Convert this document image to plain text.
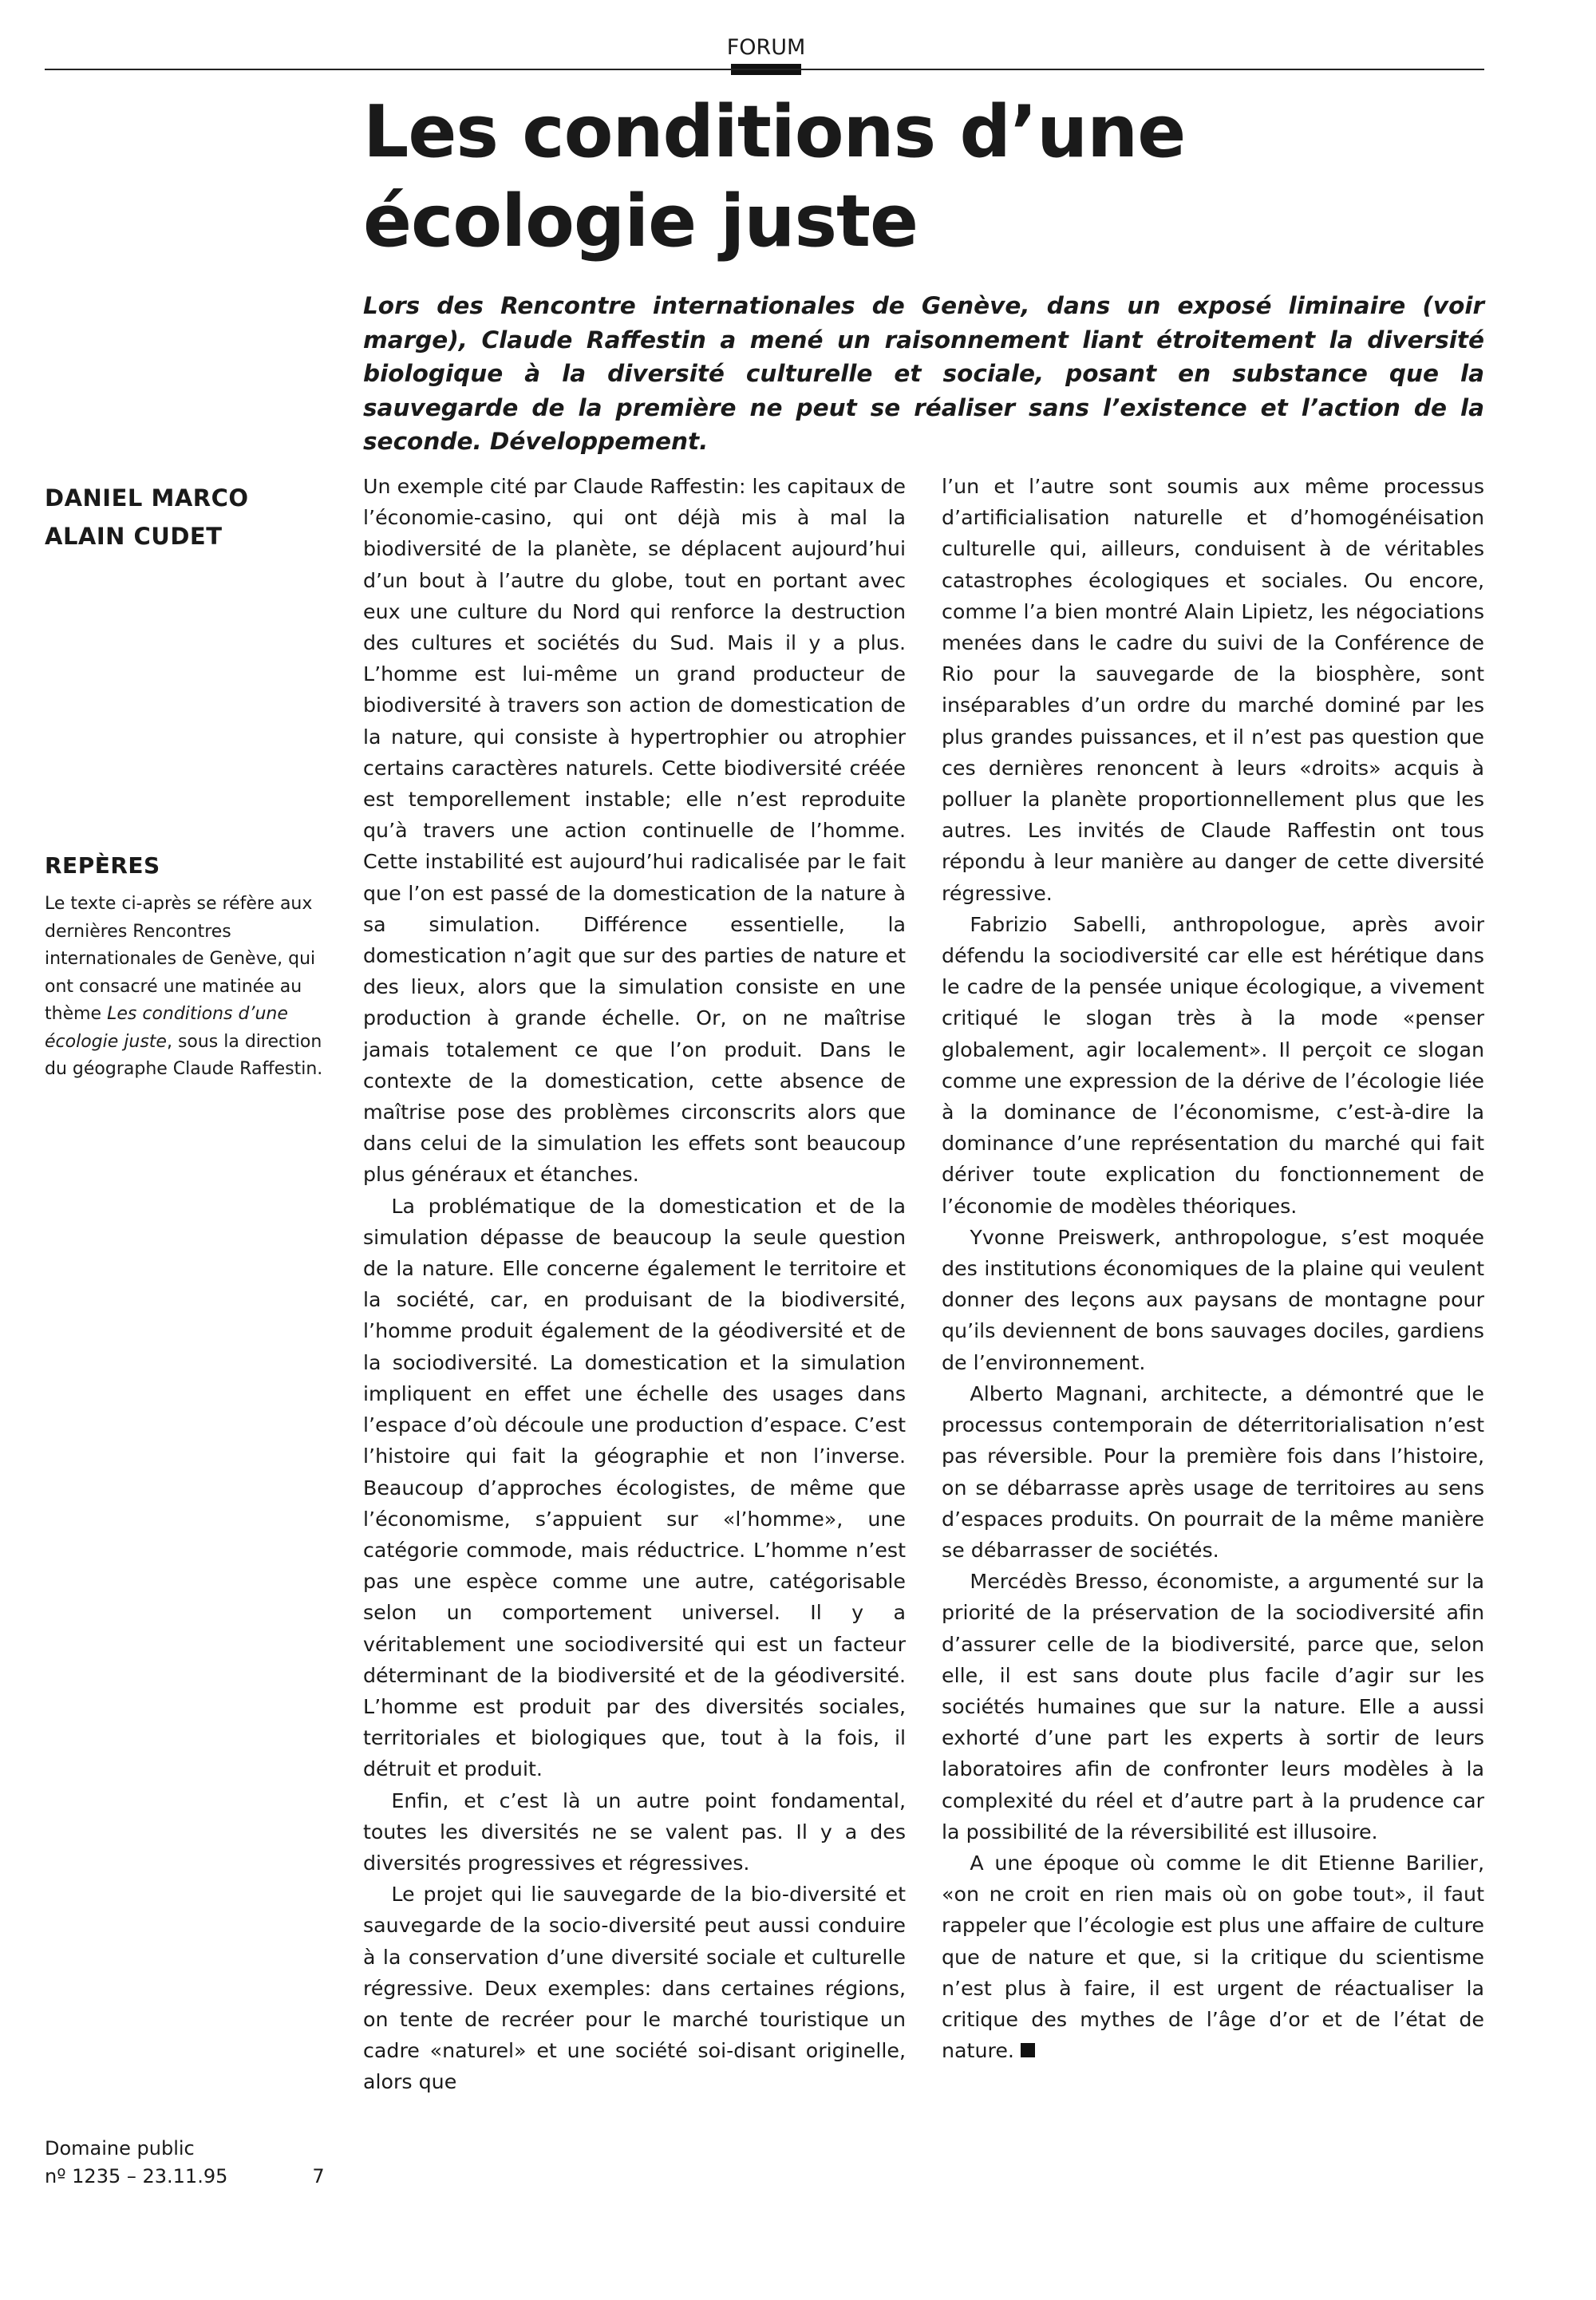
FORUM
Les conditions d’une écologie juste

Lors des Rencontre internationales de Genève, dans un exposé liminaire (voir marge), Claude Raffestin a mené un raisonnement liant étroitement la diversité biologique à la diversité culturelle et sociale, posant en substance que la sauvegarde de la première ne peut se réaliser sans l’existence et l’action de la seconde. Développement.

DANIEL MARCO
ALAIN CUDET
REPÈRES

Le texte ci-après se réfère aux dernières Rencontres internationales de Genève, qui ont consacré une matinée au thème Les conditions d’une écologie juste, sous la direction du géographe Claude Raffestin.

Un exemple cité par Claude Raffestin: les capitaux de l’économie-casino, qui ont déjà mis à mal la biodiversité de la planète, se déplacent aujourd’hui d’un bout à l’autre du globe, tout en portant avec eux une culture du Nord qui renforce la destruction des cultures et sociétés du Sud. Mais il y a plus. L’homme est lui-même un grand producteur de biodiversité à travers son action de domestication de la nature, qui consiste à hypertrophier ou atrophier certains caractères naturels. Cette biodiversité créée est temporellement instable; elle n’est reproduite qu’à travers une action continuelle de l’homme. Cette instabilité est aujourd’hui radicalisée par le fait que l’on est passé de la domestication de la nature à sa simulation. Différence essentielle, la domestication n’agit que sur des parties de nature et des lieux, alors que la simulation consiste en une production à grande échelle. Or, on ne maîtrise jamais totalement ce que l’on produit. Dans le contexte de la domestication, cette absence de maîtrise pose des problèmes circonscrits alors que dans celui de la simulation les effets sont beaucoup plus généraux et étanches.

La problématique de la domestication et de la simulation dépasse de beaucoup la seule question de la nature. Elle concerne également le territoire et la société, car, en produisant de la biodiversité, l’homme produit également de la géodiversité et de la sociodiversité. La domestication et la simulation impliquent en effet une échelle des usages dans l’espace d’où découle une production d’espace. C’est l’histoire qui fait la géographie et non l’inverse. Beaucoup d’approches écologistes, de même que l’économisme, s’appuient sur «l’homme», une catégorie commode, mais réductrice. L’homme n’est pas une espèce comme une autre, catégorisable selon un comportement universel. Il y a véritablement une sociodiversité qui est un facteur déterminant de la biodiversité et de la géodiversité. L’homme est produit par des diversités sociales, territoriales et biologiques que, tout à la fois, il détruit et produit.

Enfin, et c’est là un autre point fondamental, toutes les diversités ne se valent pas. Il y a des diversités progressives et régressives.

Le projet qui lie sauvegarde de la bio-diversité et sauvegarde de la socio-diversité peut aussi conduire à la conservation d’une diversité sociale et culturelle régressive. Deux exemples: dans certaines régions, on tente de recréer pour le marché touristique un cadre «naturel» et une société soi-disant originelle, alors que

l’un et l’autre sont soumis aux même processus d’artificialisation naturelle et d’homogénéisation culturelle qui, ailleurs, conduisent à de véritables catastrophes écologiques et sociales. Ou encore, comme l’a bien montré Alain Lipietz, les négociations menées dans le cadre du suivi de la Conférence de Rio pour la sauvegarde de la biosphère, sont inséparables d’un ordre du marché dominé par les plus grandes puissances, et il n’est pas question que ces dernières renoncent à leurs «droits» acquis à polluer la planète proportionnellement plus que les autres. Les invités de Claude Raffestin ont tous répondu à leur manière au danger de cette diversité régressive.

Fabrizio Sabelli, anthropologue, après avoir défendu la sociodiversité car elle est hérétique dans le cadre de la pensée unique écologique, a vivement critiqué le slogan très à la mode «penser globalement, agir localement». Il perçoit ce slogan comme une expression de la dérive de l’écologie liée à la dominance de l’économisme, c’est-à-dire la dominance d’une représentation du marché qui fait dériver toute explication du fonctionnement de l’économie de modèles théoriques.

Yvonne Preiswerk, anthropologue, s’est moquée des institutions économiques de la plaine qui veulent donner des leçons aux paysans de montagne pour qu’ils deviennent de bons sauvages dociles, gardiens de l’environnement.

Alberto Magnani, architecte, a démontré que le processus contemporain de déterritorialisation n’est pas réversible. Pour la première fois dans l’histoire, on se débarrasse après usage de territoires au sens d’espaces produits. On pourrait de la même manière se débarrasser de sociétés.

Mercédès Bresso, économiste, a argumenté sur la priorité de la préservation de la sociodiversité afin d’assurer celle de la biodiversité, parce que, selon elle, il est sans doute plus facile d’agir sur les sociétés humaines que sur la nature. Elle a aussi exhorté d’une part les experts à sortir de leurs laboratoires afin de confronter leurs modèles à la complexité du réel et d’autre part à la prudence car la possibilité de la réversibilité est illusoire.

A une époque où comme le dit Etienne Barilier, «on ne croit en rien mais où on gobe tout», il faut rappeler que l’écologie est plus une affaire de culture que de nature et que, si la critique du scientisme n’est plus à faire, il est urgent de réactualiser la critique des mythes de l’âge d’or et de l’état de nature.

Domaine public
nº 1235 – 23.11.95	7
